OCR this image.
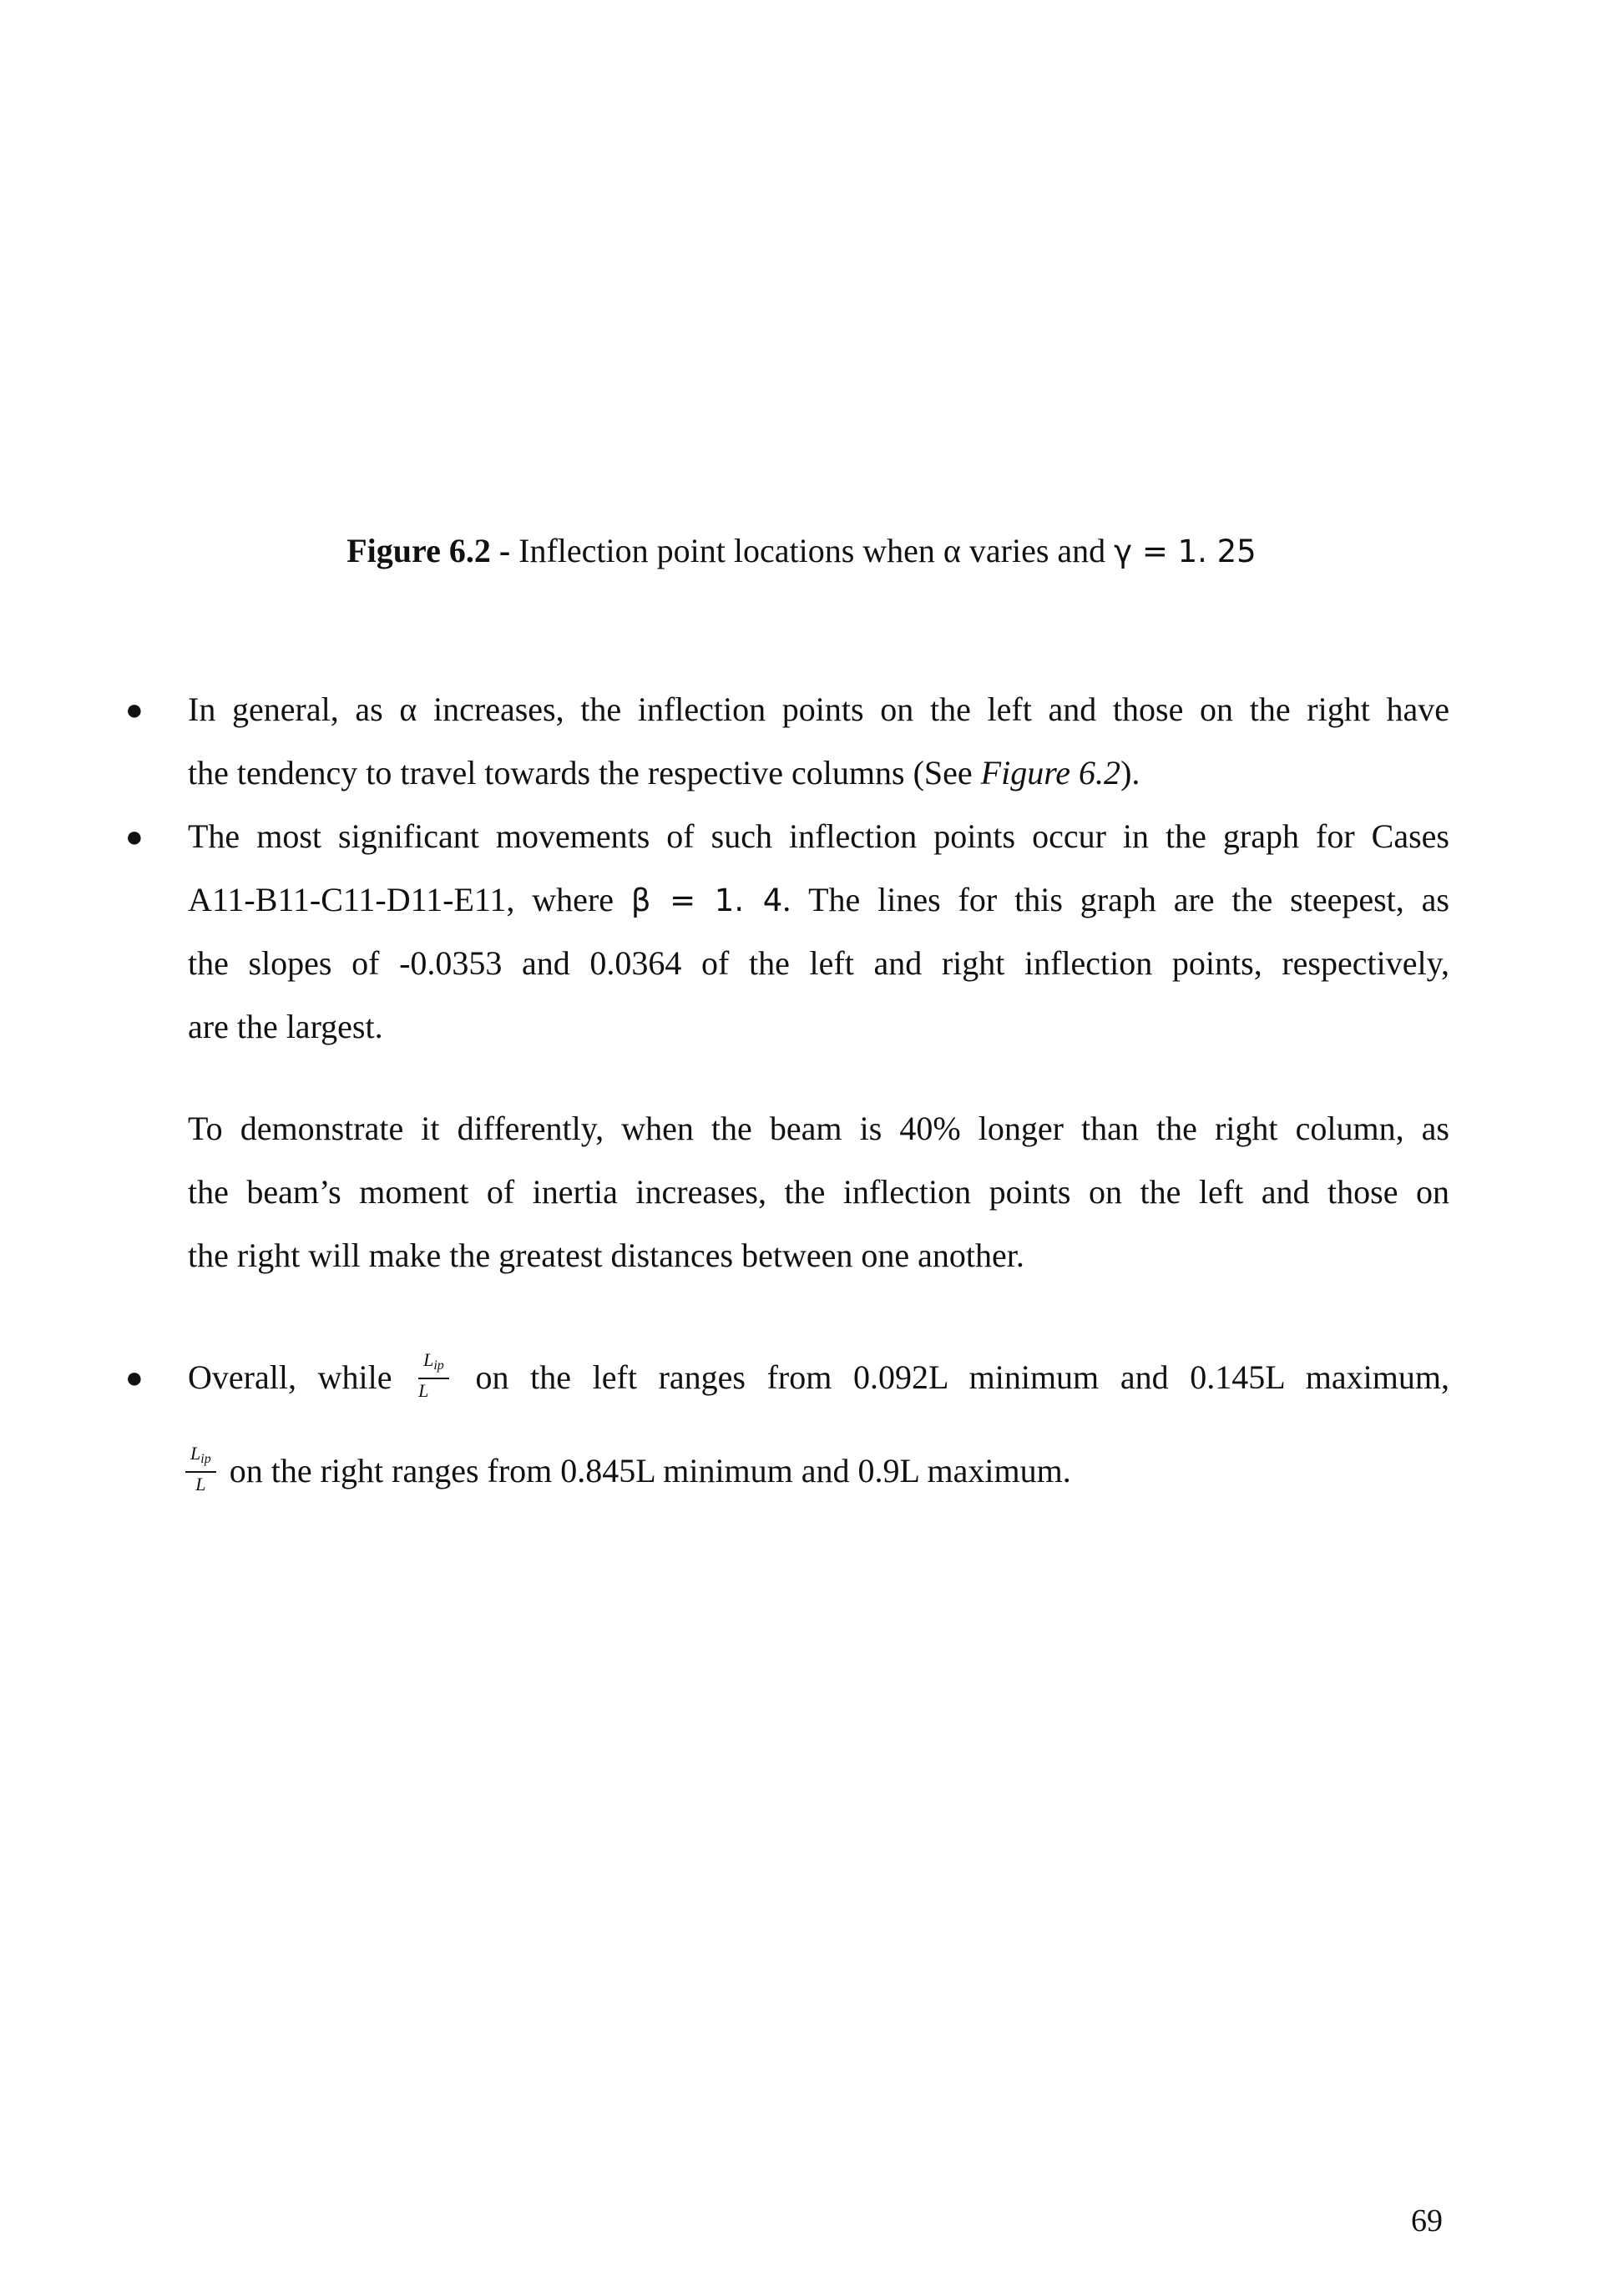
Figure 6.2 - Inflection point locations when α varies and γ = 1. 25
● In general, as α increases, the inflection points on the left and those on the right have
the tendency to travel towards the respective columns (See Figure 6.2).
● The most significant movements of such inflection points occur in the graph for Cases
A11-B11-C11-D11-E11, where β = 1. 4. The lines for this graph are the steepest, as
the slopes of -0.0353 and 0.0364 of the left and right inflection points, respectively,
are the largest.
To demonstrate it differently, when the beam is 40% longer than the right column, as
the beam’s moment of inertia increases, the inflection points on the left and those on
the right will make the greatest distances between one another.
● Overall, while $\frac{L_{ip}}{L}$ on the left ranges from 0.092L minimum and 0.145L maximum,
$\frac{L_{ip}}{L}$ on the right ranges from 0.845L minimum and 0.9L maximum.
69
